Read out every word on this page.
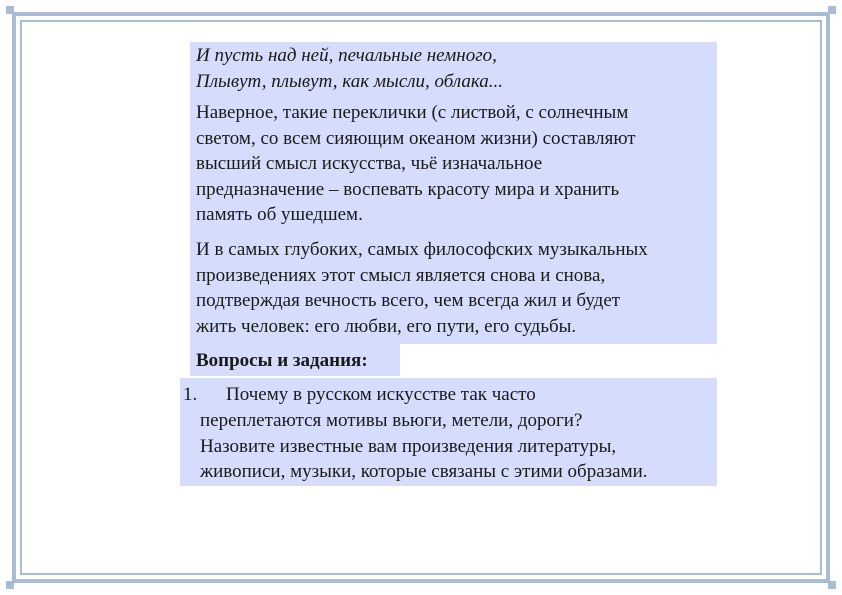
И пусть над ней, печальные немного,
Плывут, плывут, как мысли, облака...
Наверное, такие переклички (с листвой, с солнечным
светом, со всем сияющим океаном жизни) составляют
высший смысл искусства, чьё изначальное
предназначение – воспевать красоту мира и хранить
память об ушедшем.
И в самых глубоких, самых философских музыкальных
произведениях этот смысл является снова и снова,
подтверждая вечность всего, чем всегда жил и будет
жить человек: его любви, его пути, его судьбы.
Вопросы и задания:
1. Почему в русском искусстве так часто
переплетаются мотивы вьюги, метели, дороги?
Назовите известные вам произведения литературы,
живописи, музыки, которые связаны с этими образами.
